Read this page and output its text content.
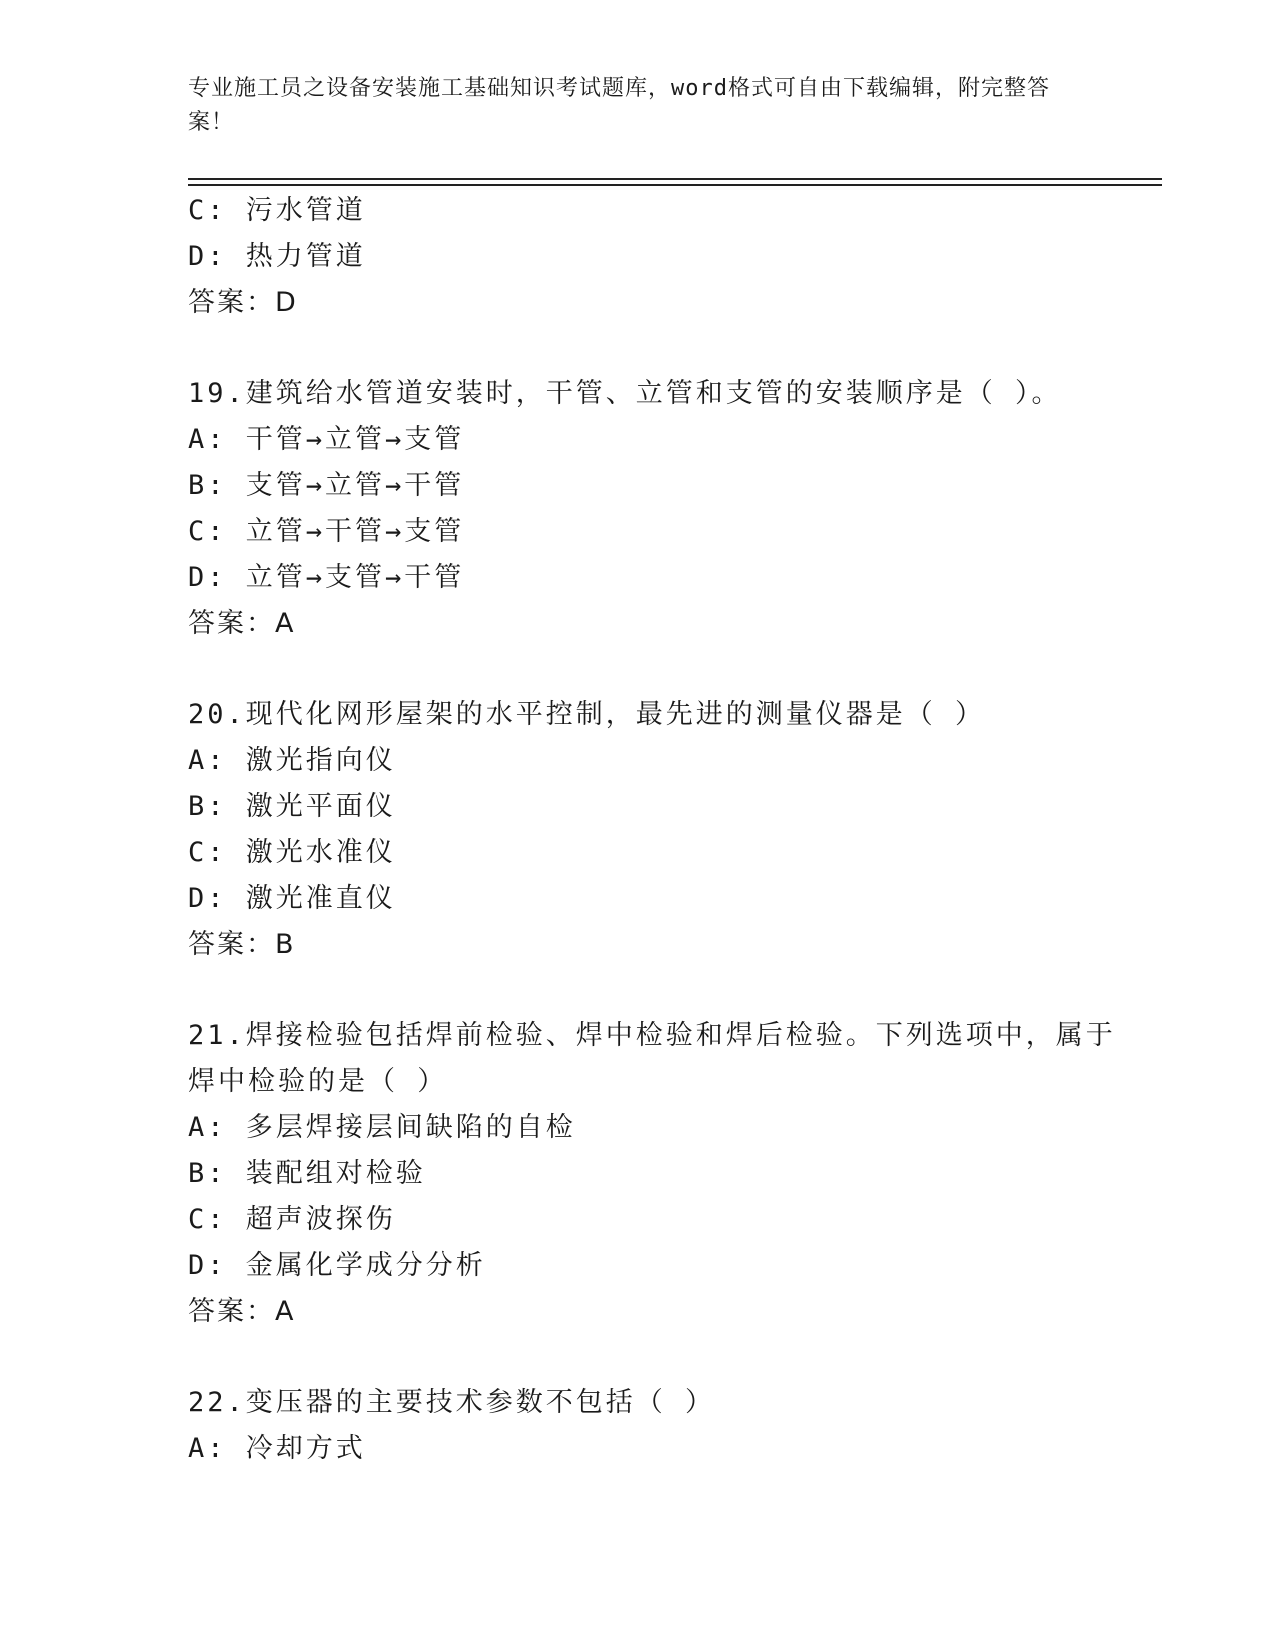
专业施工员之设备安装施工基础知识考试题库，word格式可自由下载编辑，附完整答案！
C: 污水管道
D: 热力管道
答案：D
19.建筑给水管道安装时，干管、立管和支管的安装顺序是（ ）。
A: 干管→立管→支管
B: 支管→立管→干管
C: 立管→干管→支管
D: 立管→支管→干管
答案：A
20.现代化网形屋架的水平控制，最先进的测量仪器是（ ）
A: 激光指向仪
B: 激光平面仪
C: 激光水准仪
D: 激光准直仪
答案：B
21.焊接检验包括焊前检验、焊中检验和焊后检验。下列选项中，属于
焊中检验的是（ ）
A: 多层焊接层间缺陷的自检
B: 装配组对检验
C: 超声波探伤
D: 金属化学成分分析
答案：A
22.变压器的主要技术参数不包括（ ）
A: 冷却方式
